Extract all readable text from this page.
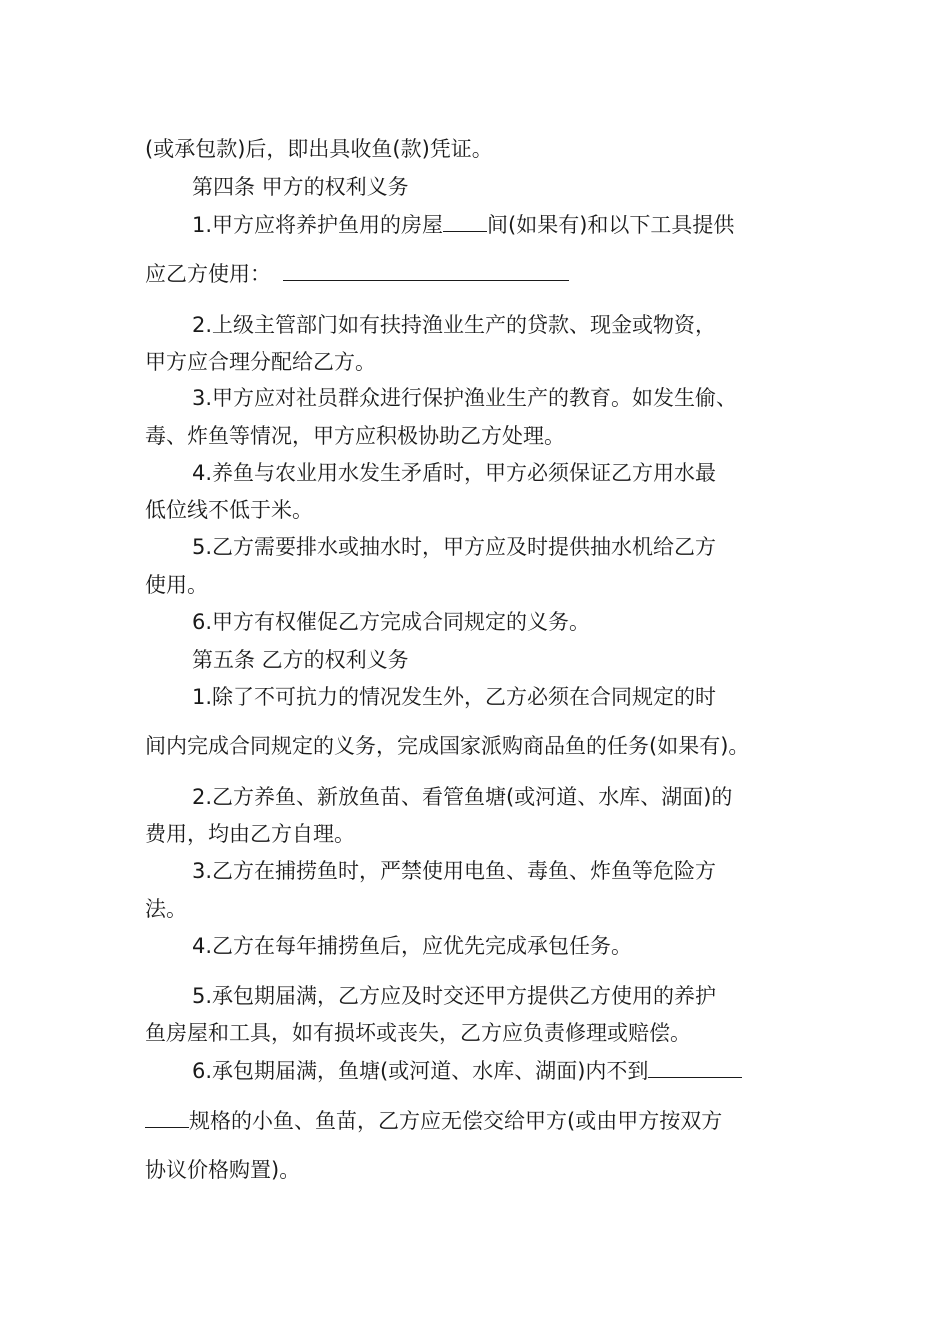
(或承包款)后，即出具收鱼(款)凭证。

第四条 甲方的权利义务

1.甲方应将养护鱼用的房屋 间(如果有)和以下工具提供

应乙方使用：

2.上级主管部门如有扶持渔业生产的贷款、现金或物资，

甲方应合理分配给乙方。

3.甲方应对社员群众进行保护渔业生产的教育。如发生偷、

毒、炸鱼等情况，甲方应积极协助乙方处理。

4.养鱼与农业用水发生矛盾时，甲方必须保证乙方用水最

低位线不低于米。

5.乙方需要排水或抽水时，甲方应及时提供抽水机给乙方

使用。

6.甲方有权催促乙方完成合同规定的义务。

第五条 乙方的权利义务

1.除了不可抗力的情况发生外，乙方必须在合同规定的时

间内完成合同规定的义务，完成国家派购商品鱼的任务(如果有)。

2.乙方养鱼、新放鱼苗、看管鱼塘(或河道、水库、湖面)的

费用，均由乙方自理。

3.乙方在捕捞鱼时，严禁使用电鱼、毒鱼、炸鱼等危险方

法。

4.乙方在每年捕捞鱼后，应优先完成承包任务。

5.承包期届满，乙方应及时交还甲方提供乙方使用的养护

鱼房屋和工具，如有损坏或丧失，乙方应负责修理或赔偿。

6.承包期届满，鱼塘(或河道、水库、湖面)内不到

规格的小鱼、鱼苗，乙方应无偿交给甲方(或由甲方按双方

协议价格购置)。
